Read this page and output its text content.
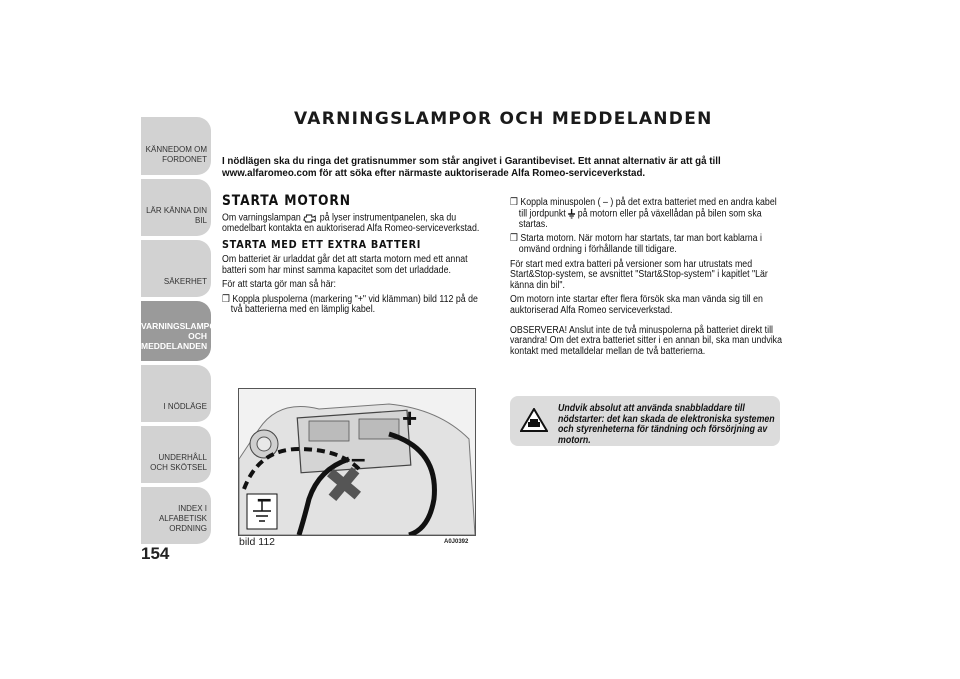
KÄNNEDOM OM FORDONET
LÄR KÄNNA DIN BIL
SÄKERHET
VARNINGSLAMPOR OCH MEDDELANDEN
I NÖDLÄGE
UNDERHÅLL OCH SKÖTSEL
INDEX I ALFABETISK ORDNING
154
VARNINGSLAMPOR OCH MEDDELANDEN
I nödlägen ska du ringa det gratisnummer som står angivet i Garantibeviset. Ett annat alternativ är att gå till www.alfaromeo.com för att söka efter närmaste auktoriserade Alfa Romeo-serviceverkstad.
STARTA MOTORN

Om varningslampan på lyser instrumentpanelen, ska du omedelbart kontakta en auktoriserad Alfa Romeo-serviceverkstad.

STARTA MED ETT EXTRA BATTERI

Om batteriet är urladdat går det att starta motorn med ett annat batteri som har minst samma kapacitet som det urladdade.

För att starta gör man så här:

❒ Koppla pluspolerna (markering "+" vid klämman) bild 112 på de två batterierna med en lämplig kabel.

+
–
–
bild 112	A0J0392

❒ Koppla minuspolen ( – ) på det extra batteriet med en andra kabel till jordpunkt på motorn eller på växellådan på bilen som ska startas.

❒ Starta motorn. När motorn har startats, tar man bort kablarna i omvänd ordning i förhållande till tidigare.

För start med extra batteri på versioner som har utrustats med Start&Stop-system, se avsnittet "Start&Stop-system" i kapitlet "Lär känna din bil".

Om motorn inte startar efter flera försök ska man vända sig till en auktoriserad Alfa Romeo serviceverkstad.

OBSERVERA! Anslut inte de två minuspolerna på batteriet direkt till varandra! Om det extra batteriet sitter i en annan bil, ska man undvika kontakt med metalldelar mellan de två batterierna.

Undvik absolut att använda snabbladdare till nödstarter: det kan skada de elektroniska systemen och styrenheterna för tändning och försörjning av motorn.
